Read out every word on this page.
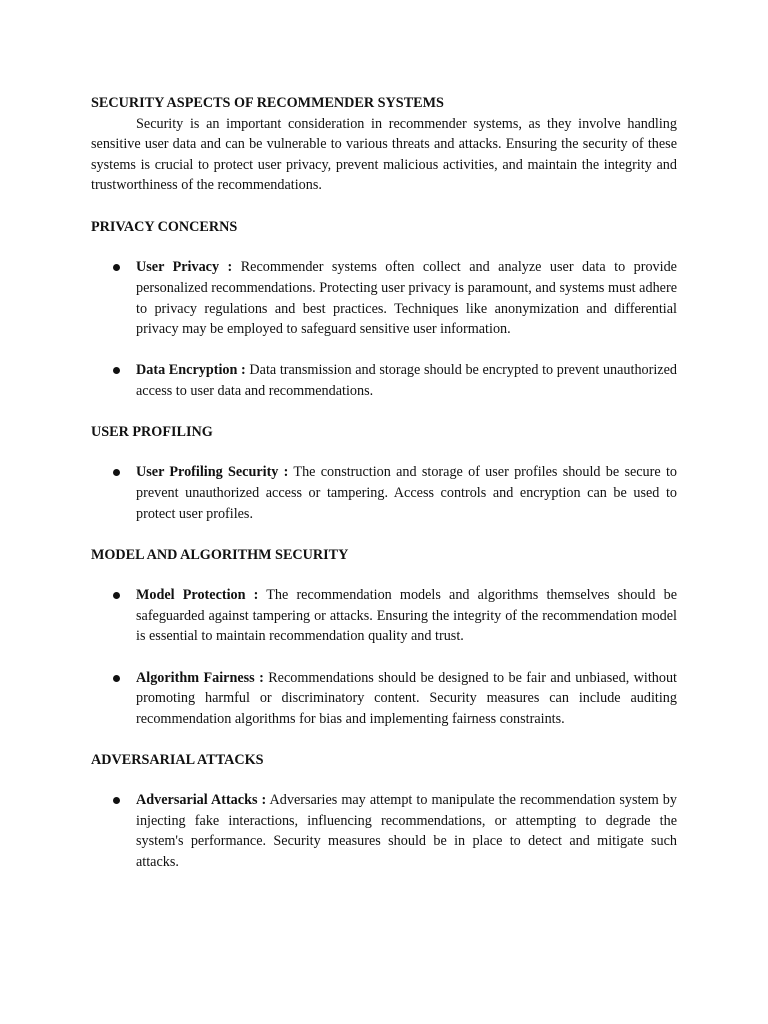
SECURITY ASPECTS OF RECOMMENDER SYSTEMS

Security is an important consideration in recommender systems, as they involve handling sensitive user data and can be vulnerable to various threats and attacks. Ensuring the security of these systems is crucial to protect user privacy, prevent malicious activities, and maintain the integrity and trustworthiness of the recommendations.

PRIVACY CONCERNS
User Privacy : Recommender systems often collect and analyze user data to provide personalized recommendations. Protecting user privacy is paramount, and systems must adhere to privacy regulations and best practices. Techniques like anonymization and differential privacy may be employed to safeguard sensitive user information.
Data Encryption : Data transmission and storage should be encrypted to prevent unauthorized access to user data and recommendations.
USER PROFILING
User Profiling Security : The construction and storage of user profiles should be secure to prevent unauthorized access or tampering. Access controls and encryption can be used to protect user profiles.
MODEL AND ALGORITHM SECURITY
Model Protection : The recommendation models and algorithms themselves should be safeguarded against tampering or attacks. Ensuring the integrity of the recommendation model is essential to maintain recommendation quality and trust.
Algorithm Fairness : Recommendations should be designed to be fair and unbiased, without promoting harmful or discriminatory content. Security measures can include auditing recommendation algorithms for bias and implementing fairness constraints.
ADVERSARIAL ATTACKS
Adversarial Attacks : Adversaries may attempt to manipulate the recommendation system by injecting fake interactions, influencing recommendations, or attempting to degrade the system's performance. Security measures should be in place to detect and mitigate such attacks.
